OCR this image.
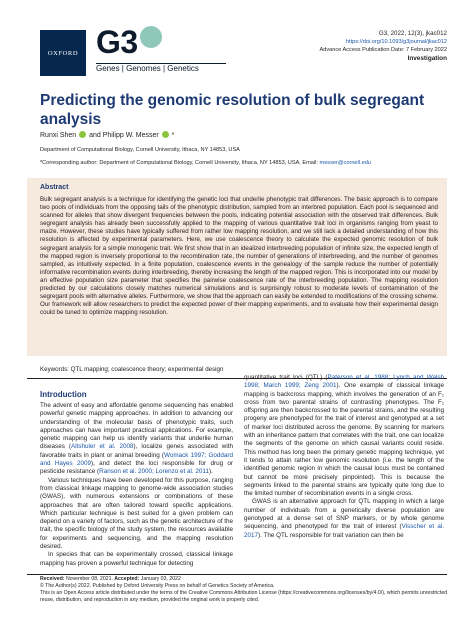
OXFORD G3
Genes | Genomes | Genetics
G3, 2022, 12(3), jkac012
https://doi.org/10.1093/g3journal/jkac012
Advance Access Publication Date: 7 February 2022
Investigation
Predicting the genomic resolution of bulk segregant analysis
Runxi Shen  and Philipp W. Messer  *
Department of Computational Biology, Cornell University, Ithaca, NY 14853, USA
*Corresponding author: Department of Computational Biology, Cornell University, Ithaca, NY 14853, USA. Email: messer@cornell.edu
Abstract
Bulk segregant analysis is a technique for identifying the genetic loci that underlie phenotypic trait differences. The basic approach is to compare two pools of individuals from the opposing tails of the phenotypic distribution, sampled from an interbred population. Each pool is sequenced and scanned for alleles that show divergent frequencies between the pools, indicating potential association with the observed trait differences. Bulk segregant analysis has already been successfully applied to the mapping of various quantitative trait loci in organisms ranging from yeast to maize. However, these studies have typically suffered from rather low mapping resolution, and we still lack a detailed understanding of how this resolution is affected by experimental parameters. Here, we use coalescence theory to calculate the expected genomic resolution of bulk segregant analysis for a simple monogenic trait. We first show that in an idealized interbreeding population of infinite size, the expected length of the mapped region is inversely proportional to the recombination rate, the number of generations of interbreeding, and the number of genomes sampled, as intuitively expected. In a finite population, coalescence events in the genealogy of the sample reduce the number of potentially informative recombination events during interbreeding, thereby increasing the length of the mapped region. This is incorporated into our model by an effective population size parameter that specifies the pairwise coalescence rate of the interbreeding population. The mapping resolution predicted by our calculations closely matches numerical simulations and is surprisingly robust to moderate levels of contamination of the segregant pools with alternative alleles. Furthermore, we show that the approach can easily be extended to modifications of the crossing scheme. Our framework will allow researchers to predict the expected power of their mapping experiments, and to evaluate how their experimental design could be tuned to optimize mapping resolution.
Keywords: QTL mapping; coalescence theory; experimental design
Introduction

The advent of easy and affordable genome sequencing has enabled powerful genetic mapping approaches. In addition to advancing our understanding of the molecular basis of phenotypic traits, such approaches can have important practical applications. For example, genetic mapping can help us identify variants that underlie human diseases (Altshuler et al. 2008), localize genes associated with favorable traits in plant or animal breeding (Womack 1997; Goddard and Hayes 2009), and detect the loci responsible for drug or pesticide resistance (Ranson et al. 2000; Lorenzo et al. 2011).

Various techniques have been developed for this purpose, ranging from classical linkage mapping to genome-wide association studies (GWAS), with numerous extensions or combinations of these approaches that are often tailored toward specific applications. Which particular technique is best suited for a given problem can depend on a variety of factors, such as the genetic architecture of the trait, the specific biology of the study system, the resources available for experiments and sequencing, and the mapping resolution desired.

In species that can be experimentally crossed, classical linkage mapping has proven a powerful technique for detecting

quantitative trait loci (QTL) (Paterson et al. 1988; Lynch and Walsh 1998; March 1999; Zeng 2001). One example of classical linkage mapping is backcross mapping, which involves the generation of an F₁ cross from two parental strains of contrasting phenotypes. The F₁ offspring are then backcrossed to the parental strains, and the resulting progeny are phenotyped for the trait of interest and genotyped at a set of marker loci distributed across the genome. By scanning for markers with an inheritance pattern that correlates with the trait, one can localize the segments of the genome on which causal variants could reside. This method has long been the primary genetic mapping technique, yet it tends to attain rather low genomic resolution (i.e. the length of the identified genomic region in which the causal locus must be contained but cannot be more precisely pinpointed). This is because the segments linked to the parental strains are typically quite long due to the limited number of recombination events in a single cross.

GWAS is an alternative approach for QTL mapping in which a large number of individuals from a genetically diverse population are genotyped at a dense set of SNP markers, or by whole genome sequencing, and phenotyped for the trait of interest (Visscher et al. 2017). The QTL responsible for trait variation can then be

Received: November 08, 2021. Accepted: January 03, 2022
© The Author(s) 2022. Published by Oxford University Press on behalf of Genetics Society of America.
This is an Open Access article distributed under the terms of the Creative Commons Attribution License (https://creativecommons.org/licenses/by/4.0/), which permits unrestricted reuse, distribution, and reproduction in any medium, provided the original work is properly cited.
